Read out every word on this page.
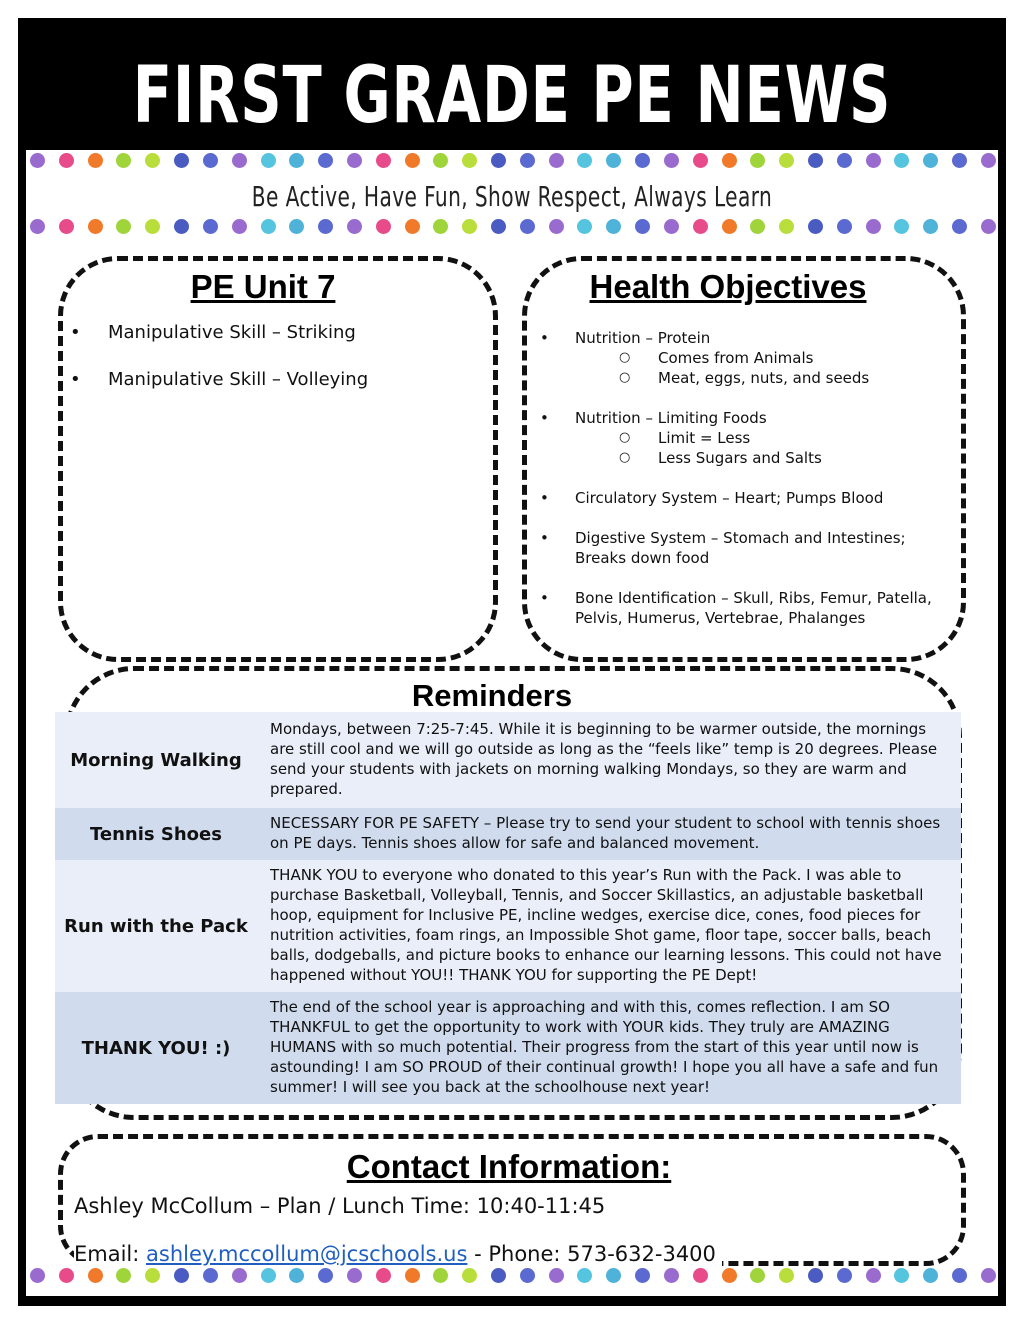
FIRST GRADE PE NEWS
Be Active, Have Fun, Show Respect, Always Learn
PE Unit 7
• Manipulative Skill – Striking
• Manipulative Skill – Volleying
Health Objectives
• Nutrition – Protein
○ Comes from Animals
○ Meat, eggs, nuts, and seeds
• Nutrition – Limiting Foods
○ Limit = Less
○ Less Sugars and Salts
• Circulatory System – Heart; Pumps Blood
• Digestive System – Stomach and Intestines; Breaks down food
• Bone Identification – Skull, Ribs, Femur, Patella, Pelvis, Humerus, Vertebrae, Phalanges
Reminders
Morning Walking	Mondays, between 7:25-7:45. While it is beginning to be warmer outside, the mornings are still cool and we will go outside as long as the “feels like” temp is 20 degrees. Please send your students with jackets on morning walking Mondays, so they are warm and prepared.
Tennis Shoes	NECESSARY FOR PE SAFETY – Please try to send your student to school with tennis shoes on PE days. Tennis shoes allow for safe and balanced movement.
Run with the Pack	THANK YOU to everyone who donated to this year’s Run with the Pack. I was able to purchase Basketball, Volleyball, Tennis, and Soccer Skillastics, an adjustable basketball hoop, equipment for Inclusive PE, incline wedges, exercise dice, cones, food pieces for nutrition activities, foam rings, an Impossible Shot game, floor tape, soccer balls, beach balls, dodgeballs, and picture books to enhance our learning lessons. This could not have happened without YOU!! THANK YOU for supporting the PE Dept!
THANK YOU! :)	The end of the school year is approaching and with this, comes reflection. I am SO THANKFUL to get the opportunity to work with YOUR kids. They truly are AMAZING HUMANS with so much potential. Their progress from the start of this year until now is astounding! I am SO PROUD of their continual growth! I hope you all have a safe and fun summer! I will see you back at the schoolhouse next year!
Contact Information:
Ashley McCollum – Plan / Lunch Time: 10:40-11:45
Email: ashley.mccollum@jcschools.us - Phone: 573-632-3400
